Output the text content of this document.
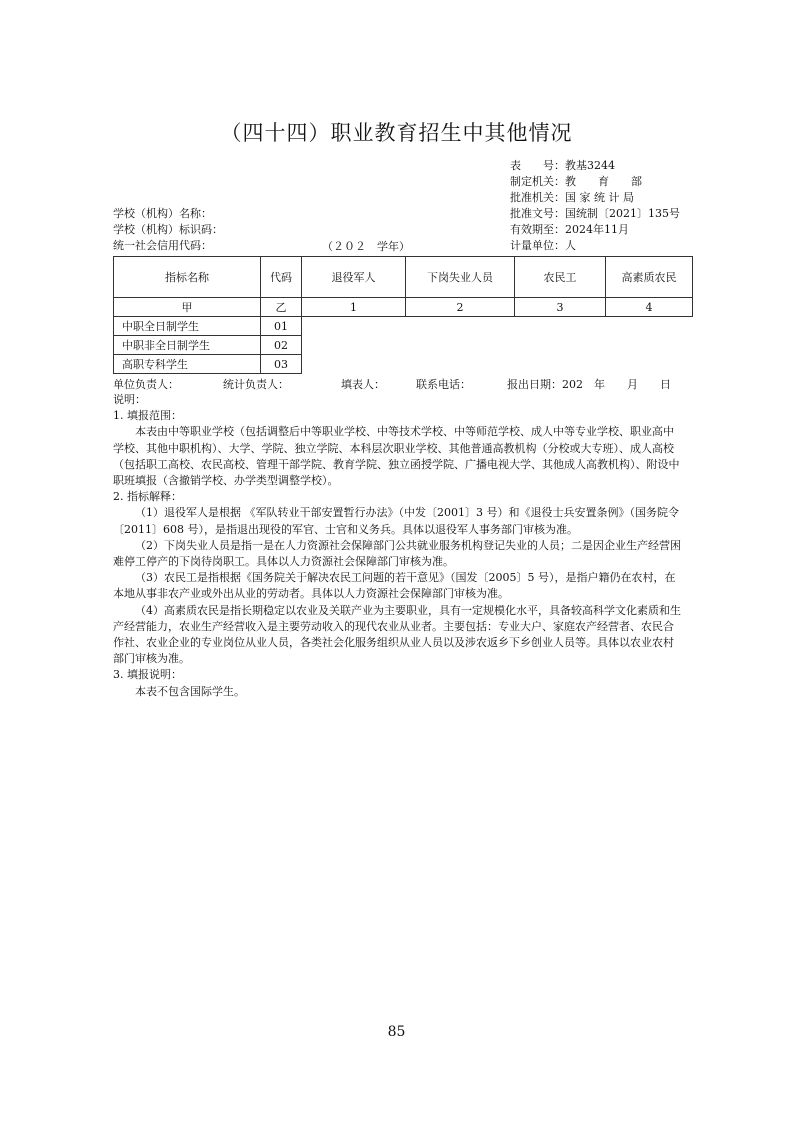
（四十四）职业教育招生中其他情况
表　　号：教基3244
制定机关：教　　育　　部
批准机关：国 家 统 计 局
批准文号：国统制〔2021〕135号
有效期至：2024年11月
计量单位：人
学校（机构）名称：
学校（机构）标识码：
统一社会信用代码：	（２０２　学年）
指标名称	代码	退役军人	下岗失业人员	农民工	高素质农民
甲	乙	1	2	3	4
中职全日制学生	01				
中职非全日制学生	02				
高职专科学生	03				
单位负责人：	统计负责人：	填表人：	联系电话：	报出日期：202　年　　月　　日

说明：

1. 填报范围：

本表由中等职业学校（包括调整后中等职业学校、中等技术学校、中等师范学校、成人中等专业学校、职业高中学校、其他中职机构）、大学、学院、独立学院、本科层次职业学校、其他普通高教机构（分校或大专班）、成人高校（包括职工高校、农民高校、管理干部学院、教育学院、独立函授学院、广播电视大学、其他成人高教机构）、附设中职班填报（含撤销学校、办学类型调整学校）。

2. 指标解释：

（1）退役军人是根据 《军队转业干部安置暂行办法》（中发〔2001〕3 号）和《退役士兵安置条例》（国务院令〔2011〕608 号），是指退出现役的军官、士官和义务兵。具体以退役军人事务部门审核为准。

（2）下岗失业人员是指一是在人力资源社会保障部门公共就业服务机构登记失业的人员；二是因企业生产经营困难停工停产的下岗待岗职工。具体以人力资源社会保障部门审核为准。

（3）农民工是指根据《国务院关于解决农民工问题的若干意见》（国发〔2005〕5 号），是指户籍仍在农村，在本地从事非农产业或外出从业的劳动者。具体以人力资源社会保障部门审核为准。

（4）高素质农民是指长期稳定以农业及关联产业为主要职业，具有一定规模化水平，具备较高科学文化素质和生产经营能力，农业生产经营收入是主要劳动收入的现代农业从业者。主要包括：专业大户、家庭农产经营者、农民合作社、农业企业的专业岗位从业人员，各类社会化服务组织从业人员以及涉农返乡下乡创业人员等。具体以农业农村部门审核为准。

3. 填报说明：

本表不包含国际学生。

85
